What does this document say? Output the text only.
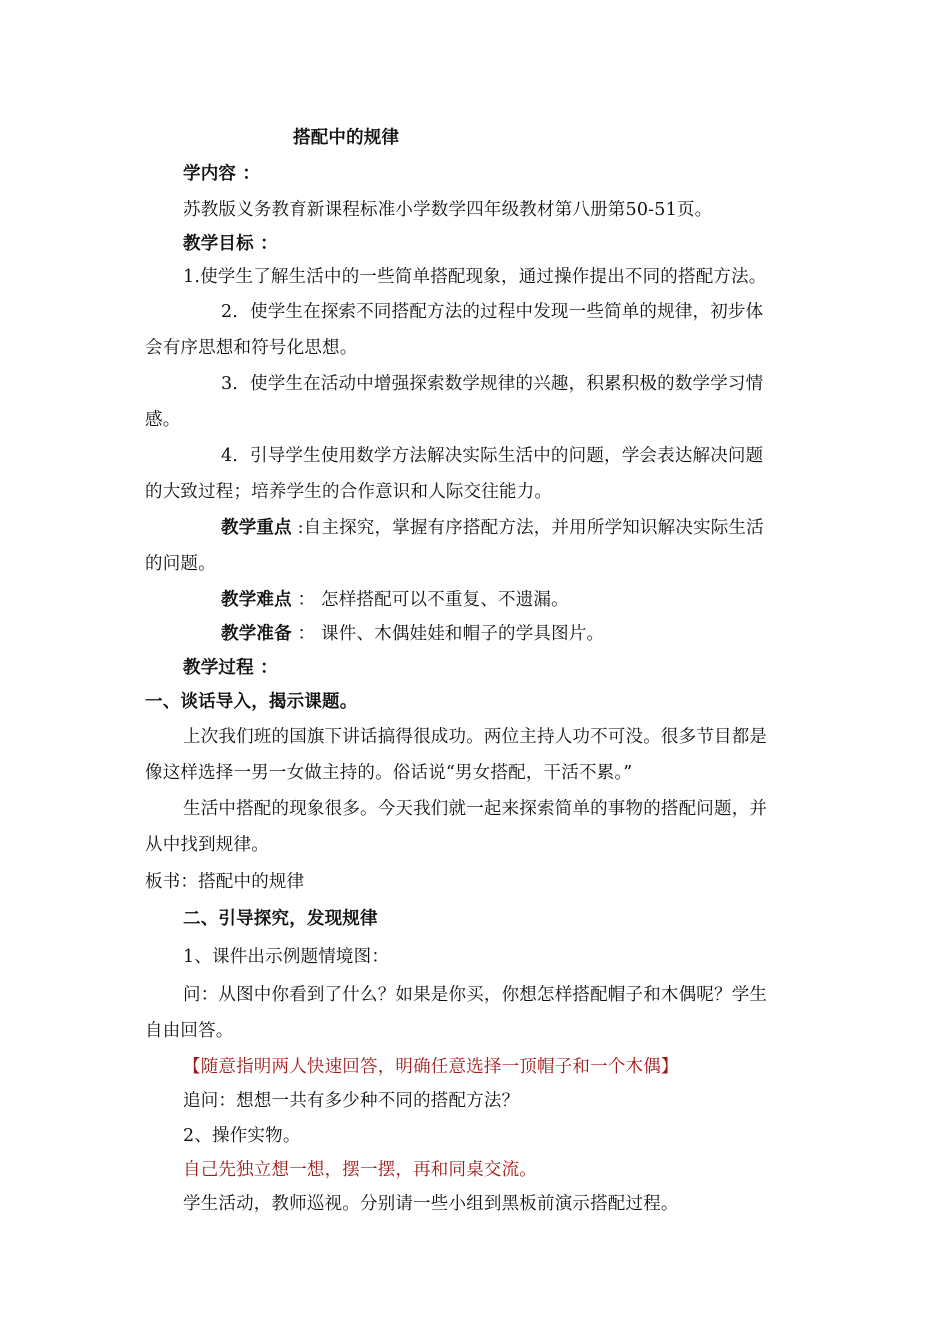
搭配中的规律
学内容 ：
苏教版义务教育新课程标准小学数学四年级教材第八册第50-51页。
教学目标 ：
1.使学生了解生活中的一些简单搭配现象，通过操作提出不同的搭配方法。
2．使学生在探索不同搭配方法的过程中发现一些简单的规律，初步体
会有序思想和符号化思想。
3．使学生在活动中增强探索数学规律的兴趣，积累积极的数学学习情
感。
4．引导学生使用数学方法解决实际生活中的问题，学会表达解决问题
的大致过程；培养学生的合作意识和人际交往能力。
教学重点 :自主探究，掌握有序搭配方法，并用所学知识解决实际生活
的问题。
教学难点 ： 怎样搭配可以不重复、不遗漏。
教学准备 ： 课件、木偶娃娃和帽子的学具图片。
教学过程 ：
一、谈话导入，揭示课题。
上次我们班的国旗下讲话搞得很成功。两位主持人功不可没。很多节目都是
像这样选择一男一女做主持的。俗话说“男女搭配，干活不累。”
生活中搭配的现象很多。今天我们就一起来探索简单的事物的搭配问题，并
从中找到规律。
板书：搭配中的规律
二、引导探究，发现规律
1、课件出示例题情境图：
问：从图中你看到了什么？如果是你买，你想怎样搭配帽子和木偶呢？学生
自由回答。
【随意指明两人快速回答，明确任意选择一顶帽子和一个木偶】
追问：想想一共有多少种不同的搭配方法？
2、操作实物。
自己先独立想一想，摆一摆，再和同桌交流。
学生活动，教师巡视。分别请一些小组到黑板前演示搭配过程。
